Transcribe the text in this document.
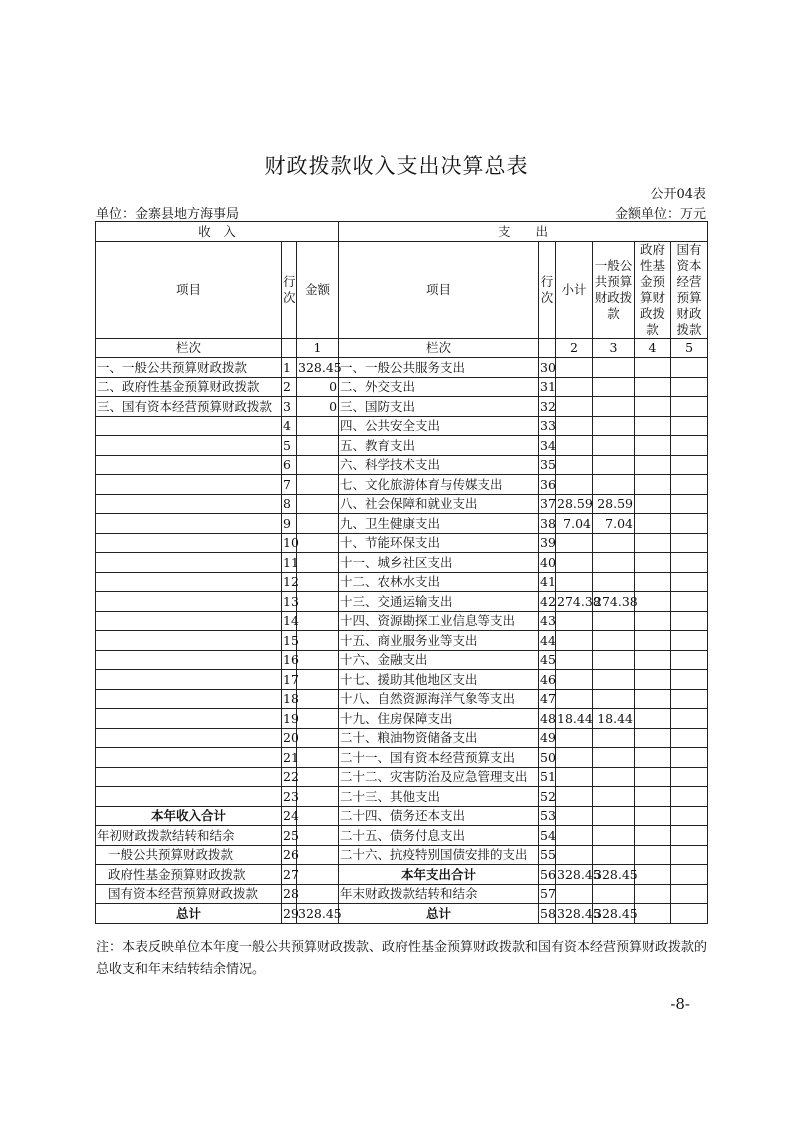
财政拨款收入支出决算总表
公开04表
单位：金寨县地方海事局	金额单位：万元
收　入			支　　出					
项目	行次	金额	项目	行次	小计	一般公共预算财政拨款	政府性基金预算财政拨款	国有资本经营预算财政拨款
栏次		1	栏次		2	3	4	5
一、一般公共预算财政拨款	1	328.45	一、一般公共服务支出	30				
二、政府性基金预算财政拨款	2	0	二、外交支出	31				
三、国有资本经营预算财政拨款	3	0	三、国防支出	32				
	4		四、公共安全支出	33				
	5		五、教育支出	34				
	6		六、科学技术支出	35				
	7		七、文化旅游体育与传媒支出	36				
	8		八、社会保障和就业支出	37	28.59	28.59		
	9		九、卫生健康支出	38	7.04	7.04		
	10		十、节能环保支出	39				
	11		十一、城乡社区支出	40				
	12		十二、农林水支出	41				
	13		十三、交通运输支出	42	274.38	274.38		
	14		十四、资源勘探工业信息等支出	43				
	15		十五、商业服务业等支出	44				
	16		十六、金融支出	45				
	17		十七、援助其他地区支出	46				
	18		十八、自然资源海洋气象等支出	47				
	19		十九、住房保障支出	48	18.44	18.44		
	20		二十、粮油物资储备支出	49				
	21		二十一、国有资本经营预算支出	50				
	22		二十二、灾害防治及应急管理支出	51				
	23		二十三、其他支出	52				
本年收入合计	24		二十四、债务还本支出	53				
年初财政拨款结转和结余	25		二十五、债务付息支出	54				
一般公共预算财政拨款	26		二十六、抗疫特别国债安排的支出	55				
政府性基金预算财政拨款	27		本年支出合计	56	328.45	328.45		
国有资本经营预算财政拨款	28		年末财政拨款结转和结余	57				
总计	29	328.45	总计	58	328.45	328.45		
注：本表反映单位本年度一般公共预算财政拨款、政府性基金预算财政拨款和国有资本经营预算财政拨款的总收支和年末结转结余情况。
-8-
